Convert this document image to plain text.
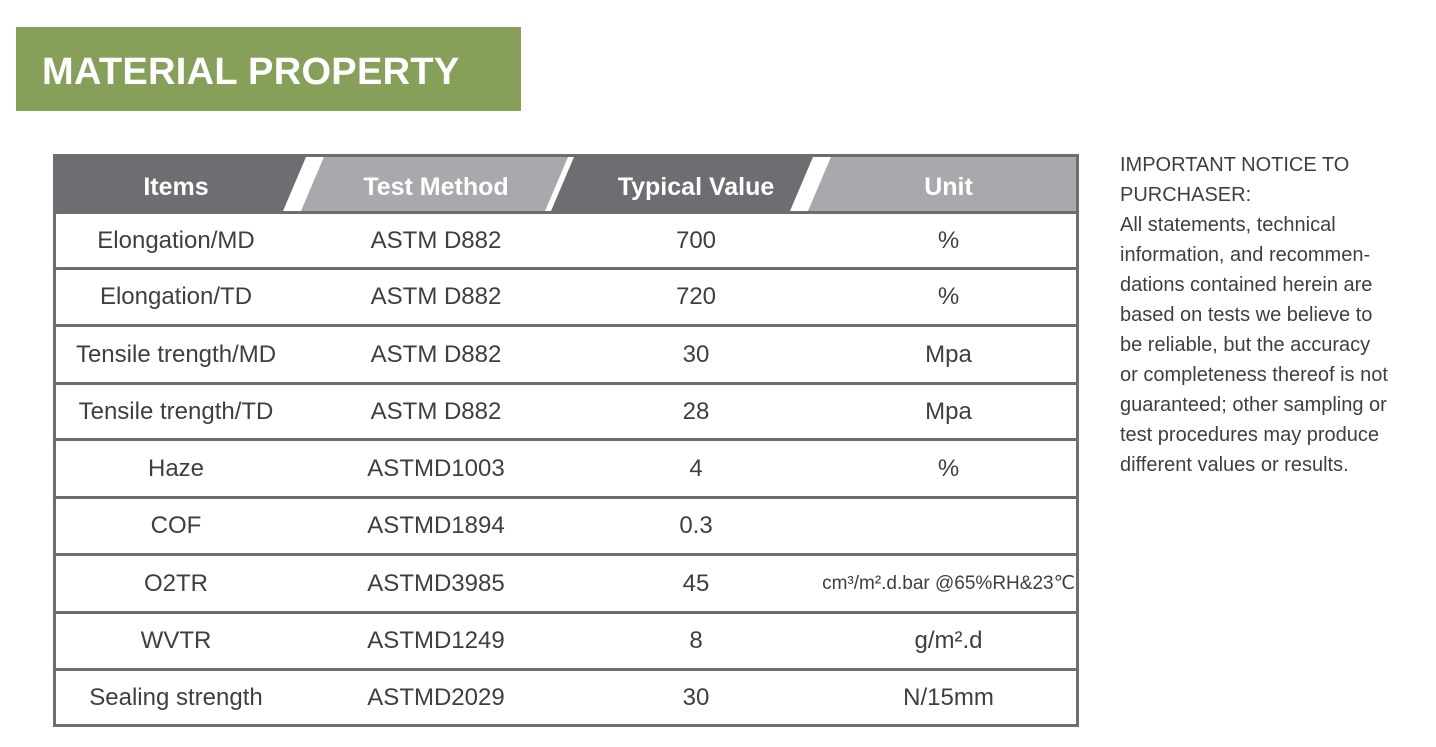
MATERIAL PROPERTY
Items	Test Method	Typical Value	Unit
Elongation/MD	ASTM D882	700	%
Elongation/TD	ASTM D882	720	%
Tensile trength/MD	ASTM D882	30	Mpa
Tensile trength/TD	ASTM D882	28	Mpa
Haze	ASTMD1003	4	%
COF	ASTMD1894	0.3
O2TR	ASTMD3985	45	cm³/m².d.bar @65%RH&23℃
WVTR	ASTMD1249	8	g/m².d
Sealing strength	ASTMD2029	30	N/15mm
IMPORTANT NOTICE TO
PURCHASER:
All statements, technical
information, and recommen-
dations contained herein are
based on tests we believe to
be reliable, but the accuracy
or completeness thereof is not
guaranteed; other sampling or
test procedures may produce
different values or results.
